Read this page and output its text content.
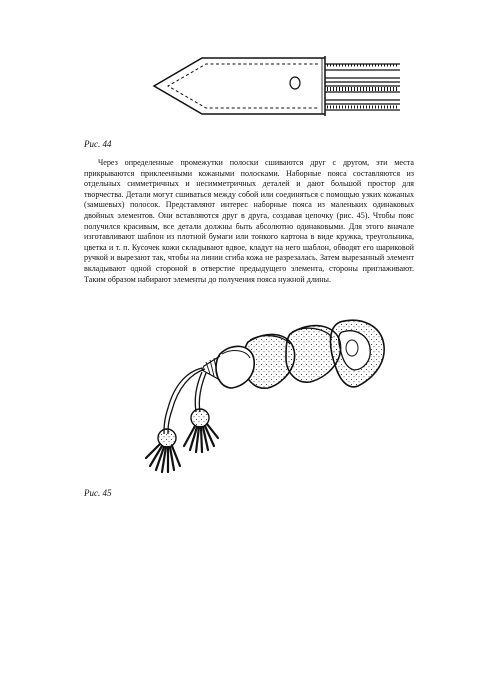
Рис. 44

Через определенные промежутки полоски сшиваются друг с другом, эти места прикрываются приклеенными кожаными полосками. Наборные пояса составляются из отдельных симметричных и несимметричных деталей и дают большой простор для творчества. Детали могут сшиваться между собой или соединяться с помощью узких кожаных (замшевых) полосок. Представляют интерес наборные пояса из маленьких одинаковых двойных элементов. Они вставляются друг в друга, создавая цепочку (рис. 45). Чтобы пояс получился красивым, все детали должны быть абсолютно одинаковыми. Для этого вначале изготавливают шаблон из плотной бумаги или тонкого картона в виде кружка, треугольника, цветка и т. п. Кусочек кожи складывают вдвое, кладут на него шаблон, обводят его шариковой ручкой и вырезают так, чтобы на линии сгиба кожа не разрезалась. Затем вырезанный элемент вкладывают одной стороной в отверстие предыдущего элемента, стороны приглаживают. Таким образом набирают элементы до получения пояса нужной длины.

Рис. 45
